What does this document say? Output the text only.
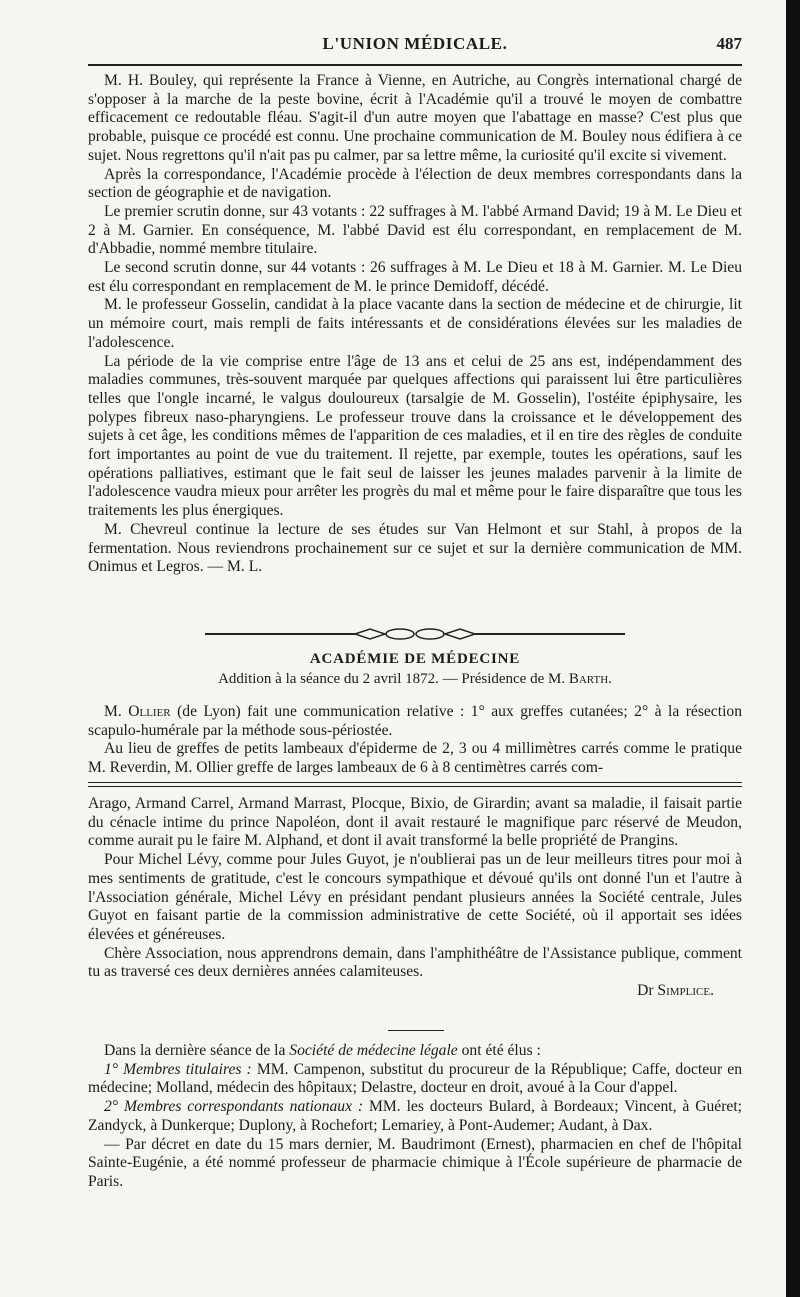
L'UNION MÉDICALE.	487

M. H. Bouley, qui représente la France à Vienne, en Autriche, au Congrès international chargé de s'opposer à la marche de la peste bovine, écrit à l'Académie qu'il a trouvé le moyen de combattre efficacement ce redoutable fléau. S'agit-il d'un autre moyen que l'abattage en masse? C'est plus que probable, puisque ce procédé est connu. Une prochaine communication de M. Bouley nous édifiera à ce sujet. Nous regrettons qu'il n'ait pas pu calmer, par sa lettre même, la curiosité qu'il excite si vivement.

Après la correspondance, l'Académie procède à l'élection de deux membres correspondants dans la section de géographie et de navigation.

Le premier scrutin donne, sur 43 votants : 22 suffrages à M. l'abbé Armand David; 19 à M. Le Dieu et 2 à M. Garnier. En conséquence, M. l'abbé David est élu correspondant, en remplacement de M. d'Abbadie, nommé membre titulaire.

Le second scrutin donne, sur 44 votants : 26 suffrages à M. Le Dieu et 18 à M. Garnier. M. Le Dieu est élu correspondant en remplacement de M. le prince Demidoff, décédé.

M. le professeur Gosselin, candidat à la place vacante dans la section de médecine et de chirurgie, lit un mémoire court, mais rempli de faits intéressants et de considérations élevées sur les maladies de l'adolescence.

La période de la vie comprise entre l'âge de 13 ans et celui de 25 ans est, indépendamment des maladies communes, très-souvent marquée par quelques affections qui paraissent lui être particulières telles que l'ongle incarné, le valgus douloureux (tarsalgie de M. Gosselin), l'ostéite épiphysaire, les polypes fibreux naso-pharyngiens. Le professeur trouve dans la croissance et le développement des sujets à cet âge, les conditions mêmes de l'apparition de ces maladies, et il en tire des règles de conduite fort importantes au point de vue du traitement. Il rejette, par exemple, toutes les opérations, sauf les opérations palliatives, estimant que le fait seul de laisser les jeunes malades parvenir à la limite de l'adolescence vaudra mieux pour arrêter les progrès du mal et même pour le faire disparaître que tous les traitements les plus énergiques.

M. Chevreul continue la lecture de ses études sur Van Helmont et sur Stahl, à propos de la fermentation. Nous reviendrons prochainement sur ce sujet et sur la dernière communication de MM. Onimus et Legros. — M. L.

ACADÉMIE DE MÉDECINE
Addition à la séance du 2 avril 1872. — Présidence de M. Barth.

M. Ollier (de Lyon) fait une communication relative : 1° aux greffes cutanées; 2° à la résection scapulo-humérale par la méthode sous-périostée.

Au lieu de greffes de petits lambeaux d'épiderme de 2, 3 ou 4 millimètres carrés comme le pratique M. Reverdin, M. Ollier greffe de larges lambeaux de 6 à 8 centimètres carrés com-

Arago, Armand Carrel, Armand Marrast, Plocque, Bixio, de Girardin; avant sa maladie, il faisait partie du cénacle intime du prince Napoléon, dont il avait restauré le magnifique parc réservé de Meudon, comme aurait pu le faire M. Alphand, et dont il avait transformé la belle propriété de Prangins.

Pour Michel Lévy, comme pour Jules Guyot, je n'oublierai pas un de leur meilleurs titres pour moi à mes sentiments de gratitude, c'est le concours sympathique et dévoué qu'ils ont donné l'un et l'autre à l'Association générale, Michel Lévy en présidant pendant plusieurs années la Société centrale, Jules Guyot en faisant partie de la commission administrative de cette Société, où il apportait ses idées élevées et généreuses.

Chère Association, nous apprendrons demain, dans l'amphithéâtre de l'Assistance publique, comment tu as traversé ces deux dernières années calamiteuses.

Dr Simplice.

Dans la dernière séance de la Société de médecine légale ont été élus :

1° Membres titulaires : MM. Campenon, substitut du procureur de la République; Caffe, docteur en médecine; Molland, médecin des hôpitaux; Delastre, docteur en droit, avoué à la Cour d'appel.

2° Membres correspondants nationaux : MM. les docteurs Bulard, à Bordeaux; Vincent, à Guéret; Zandyck, à Dunkerque; Duplony, à Rochefort; Lemariey, à Pont-Audemer; Audant, à Dax.

— Par décret en date du 15 mars dernier, M. Baudrimont (Ernest), pharmacien en chef de l'hôpital Sainte-Eugénie, a été nommé professeur de pharmacie chimique à l'École supérieure de pharmacie de Paris.
